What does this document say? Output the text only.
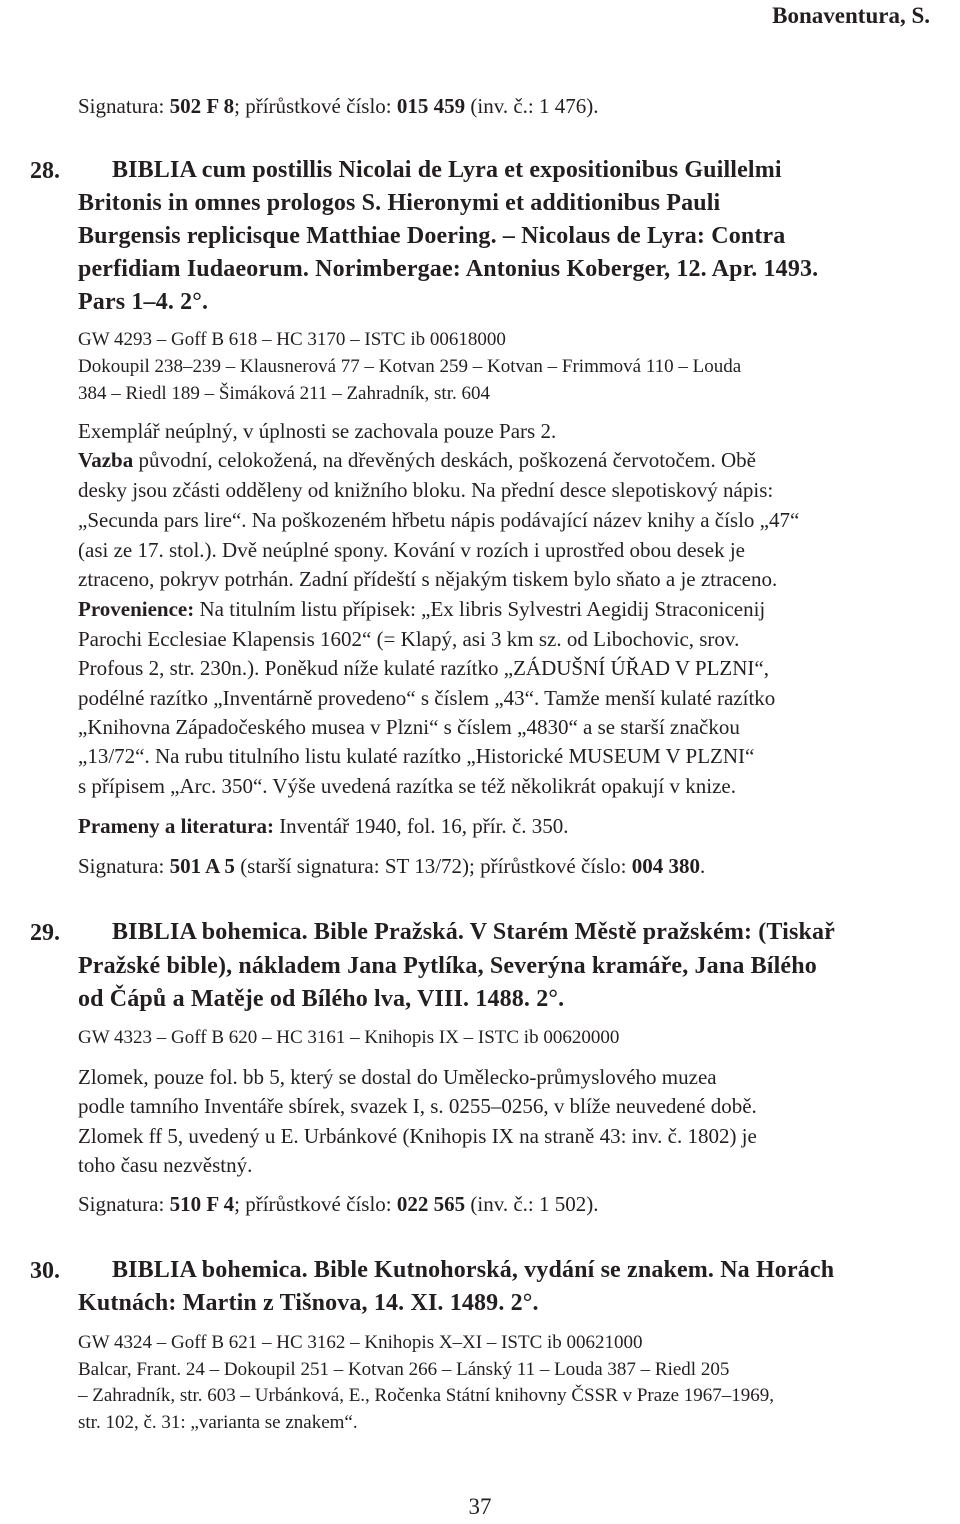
Bonaventura, S.
Signatura: 502 F 8; přírůstkové číslo: 015 459 (inv. č.: 1 476).
28. BIBLIA cum postillis Nicolai de Lyra et expositionibus Guillelmi
Britonis in omnes prologos S. Hieronymi et additionibus Pauli
Burgensis replicisque Matthiae Doering. – Nicolaus de Lyra: Contra
perfidiam Iudaeorum. Norimbergae: Antonius Koberger, 12. Apr. 1493.
Pars 1–4. 2°.
GW 4293 – Goff B 618 – HC 3170 – ISTC ib 00618000
Dokoupil 238–239 – Klausnerová 77 – Kotvan 259 – Kotvan – Frimmová 110 – Louda
384 – Riedl 189 – Šimáková 211 – Zahradník, str. 604
Exemplář neúplný, v úplnosti se zachovala pouze Pars 2.
Vazba původní, celokožená, na dřevěných deskách, poškozená červotočem. Obě
desky jsou zčásti odděleny od knižního bloku. Na přední desce slepotiskový nápis:
„Secunda pars lire“. Na poškozeném hřbetu nápis podávající název knihy a číslo „47“
(asi ze 17. stol.). Dvě neúplné spony. Kování v rozích i uprostřed obou desek je
ztraceno, pokryv potrhán. Zadní přídeští s nějakým tiskem bylo sňato a je ztraceno.
Provenience: Na titulním listu přípisek: „Ex libris Sylvestri Aegidij Straconicenij
Parochi Ecclesiae Klapensis 1602“ (= Klapý, asi 3 km sz. od Libochovic, srov.
Profous 2, str. 230n.). Poněkud níže kulaté razítko „ZÁDUŠNÍ ÚŘAD V PLZNI“,
podélné razítko „Inventárně provedeno“ s číslem „43“. Tamže menší kulaté razítko
„Knihovna Západočeského musea v Plzni“ s číslem „4830“ a se starší značkou
„13/72“. Na rubu titulního listu kulaté razítko „Historické MUSEUM V PLZNI“
s přípisem „Arc. 350“. Výše uvedená razítka se též několikrát opakují v knize.
Prameny a literatura: Inventář 1940, fol. 16, přír. č. 350.
Signatura: 501 A 5 (starší signatura: ST 13/72); přírůstkové číslo: 004 380.
29. BIBLIA bohemica. Bible Pražská. V Starém Městě pražském: (Tiskař
Pražské bible), nákladem Jana Pytlíka, Severýna kramáře, Jana Bílého
od Čápů a Matěje od Bílého lva, VIII. 1488. 2°.
GW 4323 – Goff B 620 – HC 3161 – Knihopis IX – ISTC ib 00620000
Zlomek, pouze fol. bb 5, který se dostal do Umělecko-průmyslového muzea
podle tamního Inventáře sbírek, svazek I, s. 0255–0256, v blíže neuvedené době.
Zlomek ff 5, uvedený u E. Urbánkové (Knihopis IX na straně 43: inv. č. 1802) je
toho času nezvěstný.
Signatura: 510 F 4; přírůstkové číslo: 022 565 (inv. č.: 1 502).
30. BIBLIA bohemica. Bible Kutnohorská, vydání se znakem. Na Horách
Kutnách: Martin z Tišnova, 14. XI. 1489. 2°.
GW 4324 – Goff B 621 – HC 3162 – Knihopis X–XI – ISTC ib 00621000
Balcar, Frant. 24 – Dokoupil 251 – Kotvan 266 – Lánský 11 – Louda 387 – Riedl 205
– Zahradník, str. 603 – Urbánková, E., Ročenka Státní knihovny ČSSR v Praze 1967–1969,
str. 102, č. 31: „varianta se znakem“.
37
